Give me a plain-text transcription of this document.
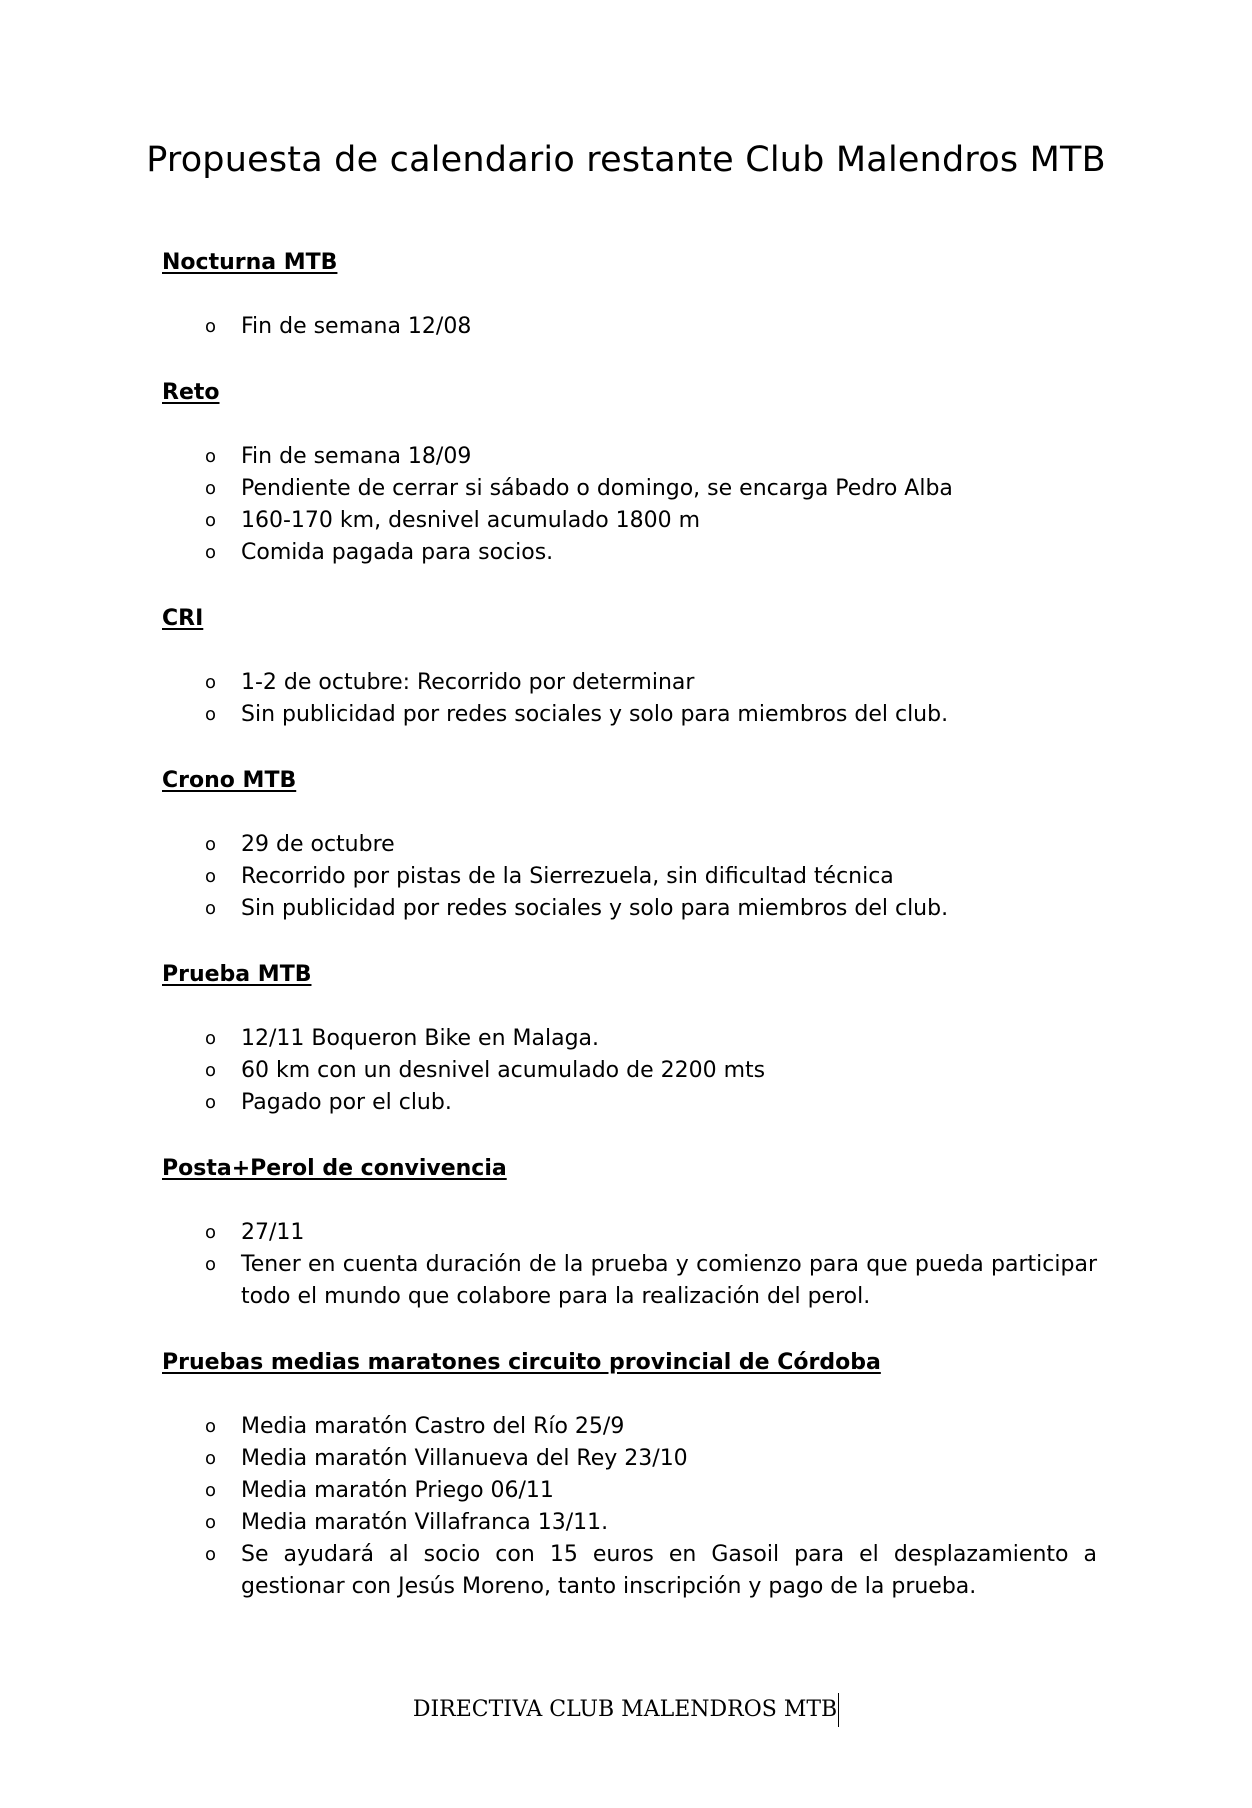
Propuesta de calendario restante Club Malendros MTB
Nocturna MTB
o Fin de semana 12/08
Reto
o Fin de semana 18/09
o Pendiente de cerrar si sábado o domingo, se encarga Pedro Alba
o 160-170 km, desnivel acumulado 1800 m
o Comida pagada para socios.
CRI
o 1-2 de octubre: Recorrido por determinar
o Sin publicidad por redes sociales y solo para miembros del club.
Crono MTB
o 29 de octubre
o Recorrido por pistas de la Sierrezuela, sin dificultad técnica
o Sin publicidad por redes sociales y solo para miembros del club.
Prueba MTB
o 12/11 Boqueron Bike en Malaga.
o 60 km con un desnivel acumulado de 2200 mts
o Pagado por el club.
Posta+Perol de convivencia
o 27/11
o Tener en cuenta duración de la prueba y comienzo para que pueda participar todo el mundo que colabore para la realización del perol.
Pruebas medias maratones circuito provincial de Córdoba
o Media maratón Castro del Río 25/9
o Media maratón Villanueva del Rey 23/10
o Media maratón Priego 06/11
o Media maratón Villafranca 13/11.
o Se ayudará al socio con 15 euros en Gasoil para el desplazamiento a gestionar con Jesús Moreno, tanto inscripción y pago de la prueba.
DIRECTIVA CLUB MALENDROS MTB
